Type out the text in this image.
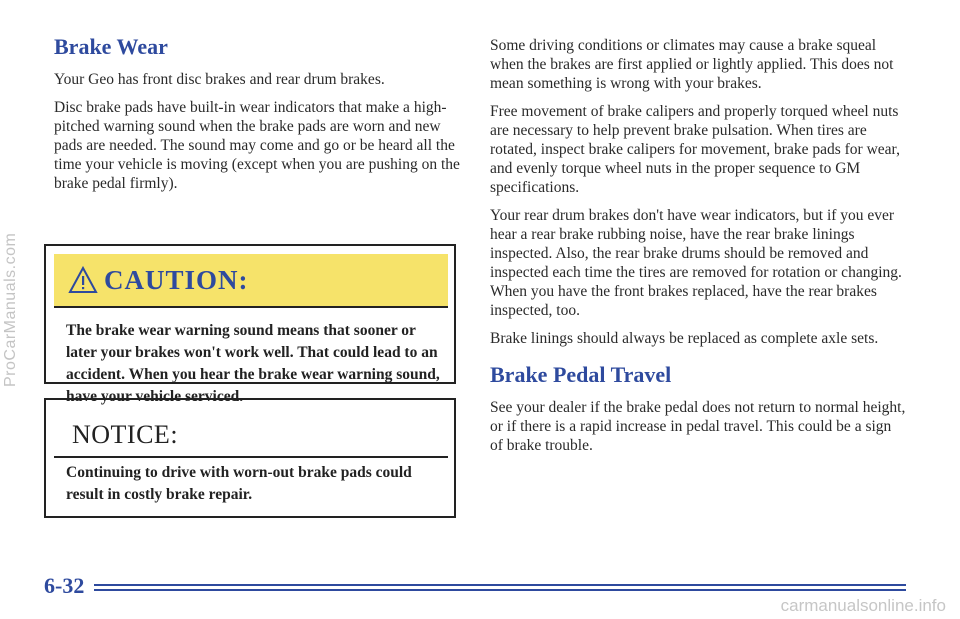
ProCarManuals.com
Brake Wear

Your Geo has front disc brakes and rear drum brakes.

Disc brake pads have built-in wear indicators that make a high-pitched warning sound when the brake pads are worn and new pads are needed. The sound may come and go or be heard all the time your vehicle is moving (except when you are pushing on the brake pedal firmly).

CAUTION:
The brake wear warning sound means that sooner or later your brakes won't work well. That could lead to an accident. When you hear the brake wear warning sound, have your vehicle serviced.
NOTICE:
Continuing to drive with worn-out brake pads could result in costly brake repair.

Some driving conditions or climates may cause a brake squeal when the brakes are first applied or lightly applied. This does not mean something is wrong with your brakes.

Free movement of brake calipers and properly torqued wheel nuts are necessary to help prevent brake pulsation. When tires are rotated, inspect brake calipers for movement, brake pads for wear, and evenly torque wheel nuts in the proper sequence to GM specifications.

Your rear drum brakes don't have wear indicators, but if you ever hear a rear brake rubbing noise, have the rear brake linings inspected. Also, the rear brake drums should be removed and inspected each time the tires are removed for rotation or changing. When you have the front brakes replaced, have the rear brakes inspected, too.

Brake linings should always be replaced as complete axle sets.

Brake Pedal Travel

See your dealer if the brake pedal does not return to normal height, or if there is a rapid increase in pedal travel. This could be a sign of brake trouble.

6-32
carmanualsonline.info
